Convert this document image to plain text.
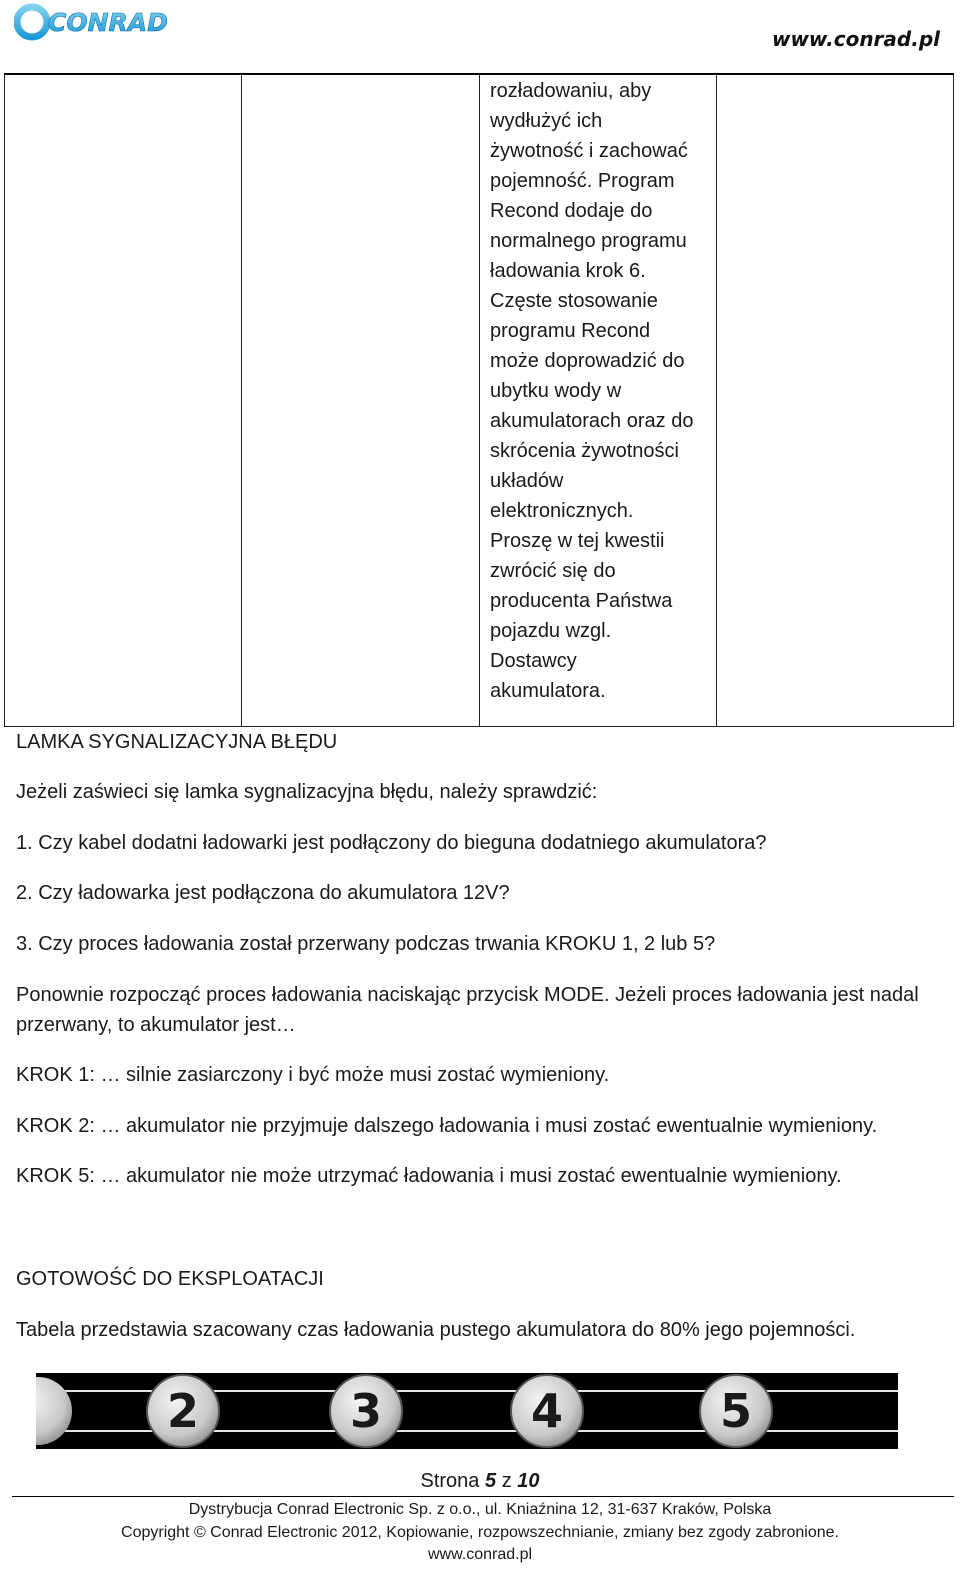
CONRAD
www.conrad.pl
rozładowaniu, aby
wydłużyć ich
żywotność i zachować
pojemność. Program
Recond dodaje do
normalnego programu
ładowania krok 6.
Częste stosowanie
programu Recond
może doprowadzić do
ubytku wody w
akumulatorach oraz do
skrócenia żywotności
układów
elektronicznych.
Proszę w tej kwestii
zwrócić się do
producenta Państwa
pojazdu wzgl.
Dostawcy
akumulatora.
LAMKA SYGNALIZACYJNA BŁĘDU
Jeżeli zaświeci się lamka sygnalizacyjna błędu, należy sprawdzić:
1. Czy kabel dodatni ładowarki jest podłączony do bieguna dodatniego akumulatora?
2. Czy ładowarka jest podłączona do akumulatora 12V?
3. Czy proces ładowania został przerwany podczas trwania KROKU 1, 2 lub 5?
Ponownie rozpocząć proces ładowania naciskając przycisk MODE. Jeżeli proces ładowania jest nadal
przerwany, to akumulator jest…
KROK 1: … silnie zasiarczony i być może musi zostać wymieniony.
KROK 2: … akumulator nie przyjmuje dalszego ładowania i musi zostać ewentualnie wymieniony.
KROK 5: … akumulator nie może utrzymać ładowania i musi zostać ewentualnie wymieniony.
GOTOWOŚĆ DO EKSPLOATACJI
Tabela przedstawia szacowany czas ładowania pustego akumulatora do 80% jego pojemności.
2	3	4	5
Strona 5 z 10
Dystrybucja Conrad Electronic Sp. z o.o., ul. Kniaźnina 12, 31-637 Kraków, Polska
Copyright © Conrad Electronic 2012, Kopiowanie, rozpowszechnianie, zmiany bez zgody zabronione.
www.conrad.pl
